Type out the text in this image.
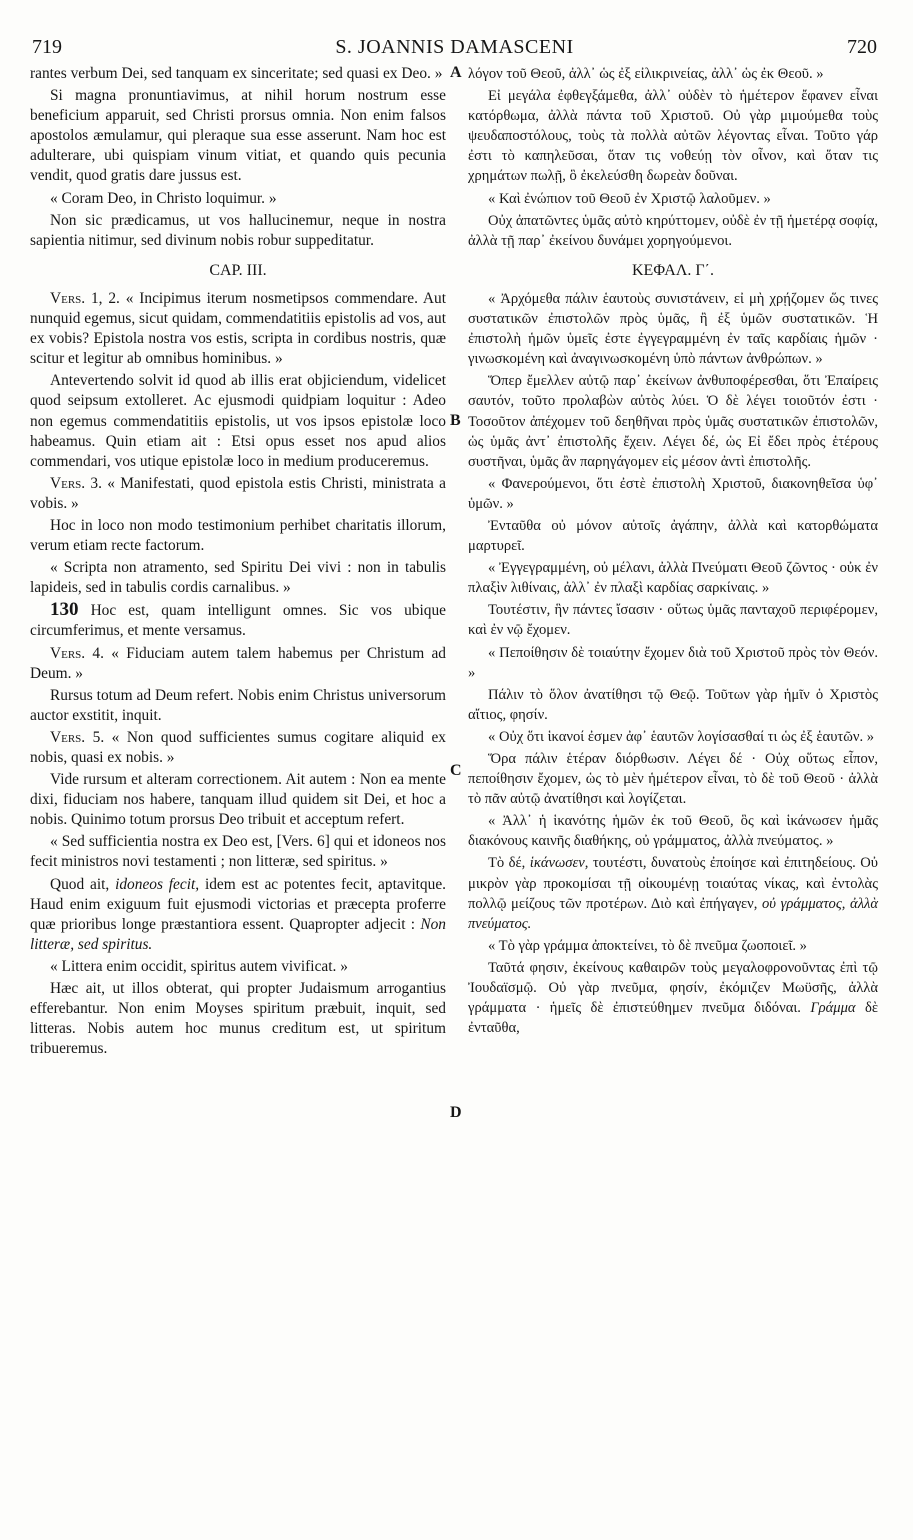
719	S. JOANNIS DAMASCENI	720
A
B
C
D

rantes verbum Dei, sed tanquam ex sinceritate; sed quasi ex Deo. »

Si magna pronuntiavimus, at nihil horum nostrum esse beneficium apparuit, sed Christi prorsus omnia. Non enim falsos apostolos æmulamur, qui pleraque sua esse asserunt. Nam hoc est adulterare, ubi quispiam vinum vitiat, et quando quis pecunia vendit, quod gratis dare jussus est.

« Coram Deo, in Christo loquimur. »

Non sic prædicamus, ut vos hallucinemur, neque in nostra sapientia nitimur, sed divinum nobis robur suppeditatur.

CAP. III.

Vers. 1, 2. « Incipimus iterum nosmetipsos commendare. Aut nunquid egemus, sicut quidam, commendatitiis epistolis ad vos, aut ex vobis? Epistola nostra vos estis, scripta in cordibus nostris, quæ scitur et legitur ab omnibus hominibus. »

Antevertendo solvit id quod ab illis erat objiciendum, videlicet quod seipsum extolleret. Ac ejusmodi quidpiam loquitur : Adeo non egemus commendatitiis epistolis, ut vos ipsos epistolæ loco habeamus. Quin etiam ait : Etsi opus esset nos apud alios commendari, vos utique epistolæ loco in medium produceremus.

Vers. 3. « Manifestati, quod epistola estis Christi, ministrata a vobis. »

Hoc in loco non modo testimonium perhibet charitatis illorum, verum etiam recte factorum.

« Scripta non atramento, sed Spiritu Dei vivi : non in tabulis lapideis, sed in tabulis cordis carnalibus. »

130 Hoc est, quam intelligunt omnes. Sic vos ubique circumferimus, et mente versamus.

Vers. 4. « Fiduciam autem talem habemus per Christum ad Deum. »

Rursus totum ad Deum refert. Nobis enim Christus universorum auctor exstitit, inquit.

Vers. 5. « Non quod sufficientes sumus cogitare aliquid ex nobis, quasi ex nobis. »

Vide rursum et alteram correctionem. Ait autem : Non ea mente dixi, fiduciam nos habere, tanquam illud quidem sit Dei, et hoc a nobis. Quinimo totum prorsus Deo tribuit et acceptum refert.

« Sed sufficientia nostra ex Deo est, [Vers. 6] qui et idoneos nos fecit ministros novi testamenti ; non litteræ, sed spiritus. »

Quod ait, idoneos fecit, idem est ac potentes fecit, aptavitque. Haud enim exiguum fuit ejusmodi victorias et præcepta proferre quæ prioribus longe præstantiora essent. Quapropter adjecit : Non litteræ, sed spiritus.

« Littera enim occidit, spiritus autem vivificat. »

Hæc ait, ut illos obterat, qui propter Judaismum arrogantius efferebantur. Non enim Moyses spiritum præbuit, inquit, sed litteras. Nobis autem hoc munus creditum est, ut spiritum tribueremus.

λόγον τοῦ Θεοῦ, ἀλλ᾽ ὡς ἐξ εἰλικρινείας, ἀλλ᾽ ὡς ἐκ Θεοῦ. »

Εἰ μεγάλα ἐφθεγξάμεθα, ἀλλ᾽ οὐδὲν τὸ ἡμέτερον ἔφανεν εἶναι κατόρθωμα, ἀλλὰ πάντα τοῦ Χριστοῦ. Οὐ γὰρ μιμούμεθα τοὺς ψευδαποστόλους, τοὺς τὰ πολλὰ αὐτῶν λέγοντας εἶναι. Τοῦτο γάρ ἐστι τὸ καπηλεῦσαι, ὅταν τις νοθεύῃ τὸν οἶνον, καὶ ὅταν τις χρημάτων πωλῇ, ὃ ἐκελεύσθη δωρεὰν δοῦναι.

« Καὶ ἐνώπιον τοῦ Θεοῦ ἐν Χριστῷ λαλοῦμεν. »

Οὐχ ἀπατῶντες ὑμᾶς αὐτὸ κηρύττομεν, οὐδὲ ἐν τῇ ἡμετέρᾳ σοφίᾳ, ἀλλὰ τῇ παρ᾽ ἐκείνου δυνάμει χορηγούμενοι.

ΚΕΦΑΛ. Γ΄.

« Ἀρχόμεθα πάλιν ἑαυτοὺς συνιστάνειν, εἰ μὴ χρῄζομεν ὥς τινες συστατικῶν ἐπιστολῶν πρὸς ὑμᾶς, ἢ ἐξ ὑμῶν συστατικῶν. Ἡ ἐπιστολὴ ἡμῶν ὑμεῖς ἐστε ἐγγεγραμμένη ἐν ταῖς καρδίαις ἡμῶν · γινωσκομένη καὶ ἀναγινωσκομένη ὑπὸ πάντων ἀνθρώπων. »

Ὅπερ ἔμελλεν αὐτῷ παρ᾽ ἐκείνων ἀνθυποφέρεσθαι, ὅτι Ἐπαίρεις σαυτόν, τοῦτο προλαβὼν αὐτὸς λύει. Ὁ δὲ λέγει τοιοῦτόν ἐστι · Τοσοῦτον ἀπέχομεν τοῦ δεηθῆναι πρὸς ὑμᾶς συστατικῶν ἐπιστολῶν, ὡς ὑμᾶς ἀντ᾽ ἐπιστολῆς ἔχειν. Λέγει δέ, ὡς Εἰ ἔδει πρὸς ἑτέρους συστῆναι, ὑμᾶς ἂν παρηγάγομεν εἰς μέσον ἀντὶ ἐπιστολῆς.

« Φανερούμενοι, ὅτι ἐστὲ ἐπιστολὴ Χριστοῦ, διακονηθεῖσα ὑφ᾽ ὑμῶν. »

Ἐνταῦθα οὐ μόνον αὐτοῖς ἀγάπην, ἀλλὰ καὶ κατορθώματα μαρτυρεῖ.

« Ἐγγεγραμμένη, οὐ μέλανι, ἀλλὰ Πνεύματι Θεοῦ ζῶντος · οὐκ ἐν πλαξὶν λιθίναις, ἀλλ᾽ ἐν πλαξὶ καρδίας σαρκίναις. »

Τουτέστιν, ἣν πάντες ἴσασιν · οὕτως ὑμᾶς πανταχοῦ περιφέρομεν, καὶ ἐν νῷ ἔχομεν.

« Πεποίθησιν δὲ τοιαύτην ἔχομεν διὰ τοῦ Χριστοῦ πρὸς τὸν Θεόν. »

Πάλιν τὸ ὅλον ἀνατίθησι τῷ Θεῷ. Τοῦτων γὰρ ἡμῖν ὁ Χριστὸς αἴτιος, φησίν.

« Οὐχ ὅτι ἱκανοί ἐσμεν ἀφ᾽ ἑαυτῶν λογίσασθαί τι ὡς ἐξ ἑαυτῶν. »

Ὅρα πάλιν ἑτέραν διόρθωσιν. Λέγει δέ · Οὐχ οὕτως εἶπον, πεποίθησιν ἔχομεν, ὡς τὸ μὲν ἡμέτερον εἶναι, τὸ δὲ τοῦ Θεοῦ · ἀλλὰ τὸ πᾶν αὐτῷ ἀνατίθησι καὶ λογίζεται.

« Ἀλλ᾽ ἡ ἱκανότης ἡμῶν ἐκ τοῦ Θεοῦ, ὃς καὶ ἱκάνωσεν ἡμᾶς διακόνους καινῆς διαθήκης, οὐ γράμματος, ἀλλὰ πνεύματος. »

Τὸ δέ, ἱκάνωσεν, τουτέστι, δυνατοὺς ἐποίησε καὶ ἐπιτηδείους. Οὐ μικρὸν γὰρ προκομίσαι τῇ οἰκουμένῃ τοιαύτας νίκας, καὶ ἐντολὰς πολλῷ μείζους τῶν προτέρων. Διὸ καὶ ἐπήγαγεν, οὐ γράμματος, ἀλλὰ πνεύματος.

« Τὸ γὰρ γράμμα ἀποκτείνει, τὸ δὲ πνεῦμα ζωοποιεῖ. »

Ταῦτά φησιν, ἐκείνους καθαιρῶν τοὺς μεγαλοφρονοῦντας ἐπὶ τῷ Ἰουδαϊσμῷ. Οὐ γὰρ πνεῦμα, φησίν, ἐκόμιζεν Μωϋσῆς, ἀλλὰ γράμματα · ἡμεῖς δὲ ἐπιστεύθημεν πνεῦμα διδόναι. Γράμμα δὲ ἐνταῦθα,
